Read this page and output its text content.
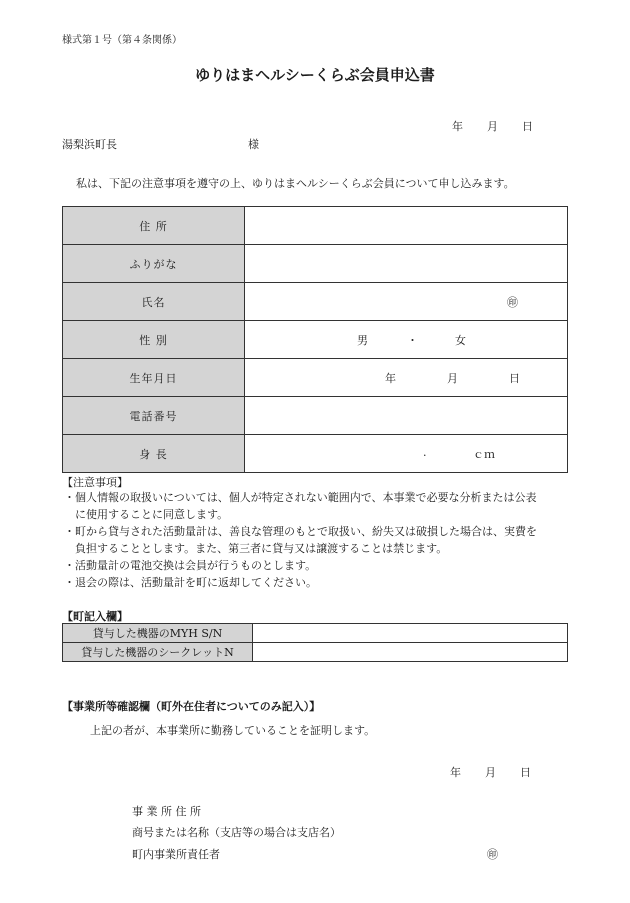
様式第１号（第４条関係）
ゆりはまヘルシーくらぶ会員申込書
年 月 日
湯梨浜町長	様
私は、下記の注意事項を遵守の上、ゆりはまヘルシーくらぶ会員について申し込みます。
住 所	
ふりがな	
氏名	㊞

性 別	男 ・ 女

生年月日	年 月 日

電話番号	
身 長	. ｃｍ
【注意事項】
・個人情報の取扱いについては、個人が特定されない範囲内で、本事業で必要な分析または公表
　に使用することに同意します。
・町から貸与された活動量計は、善良な管理のもとで取扱い、紛失又は破損した場合は、実費を
　負担することとします。また、第三者に貸与又は譲渡することは禁じます。
・活動量計の電池交換は会員が行うものとします。
・退会の際は、活動量計を町に返却してください。
【町記入欄】
貸与した機器のMYH S/N	
貸与した機器のシークレットN	
【事業所等確認欄（町外在住者についてのみ記入）】
上記の者が、本事業所に勤務していることを証明します。
年 月 日
事 業 所 住 所
商号または名称（支店等の場合は支店名）
町内事業所責任者	㊞
